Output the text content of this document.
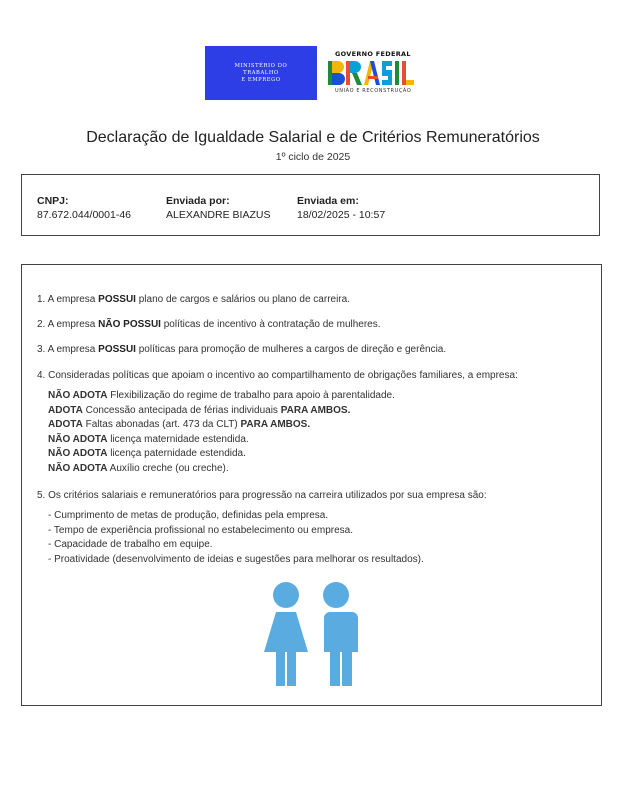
MINISTÉRIO DO
TRABALHO
E EMPREGO
GOVERNO FEDERAL
UNIÃO E RECONSTRUÇÃO
Declaração de Igualdade Salarial e de Critérios Remuneratórios
1º ciclo de 2025
CNPJ:
87.672.044/0001-46
Enviada por:
ALEXANDRE BIAZUS
Enviada em:
18/02/2025 - 10:57
1. A empresa POSSUI plano de cargos e salários ou plano de carreira.
2. A empresa NÃO POSSUI políticas de incentivo à contratação de mulheres.
3. A empresa POSSUI políticas para promoção de mulheres a cargos de direção e gerência.
4. Consideradas políticas que apoiam o incentivo ao compartilhamento de obrigações familiares, a empresa:
NÃO ADOTA Flexibilização do regime de trabalho para apoio à parentalidade.
ADOTA Concessão antecipada de férias individuais PARA AMBOS.
ADOTA Faltas abonadas (art. 473 da CLT) PARA AMBOS.
NÃO ADOTA licença maternidade estendida.
NÃO ADOTA licença paternidade estendida.
NÃO ADOTA Auxílio creche (ou creche).
5. Os critérios salariais e remuneratórios para progressão na carreira utilizados por sua empresa são:
- Cumprimento de metas de produção, definidas pela empresa.
- Tempo de experiência profissional no estabelecimento ou empresa.
- Capacidade de trabalho em equipe.
- Proatividade (desenvolvimento de ideias e sugestões para melhorar os resultados).
